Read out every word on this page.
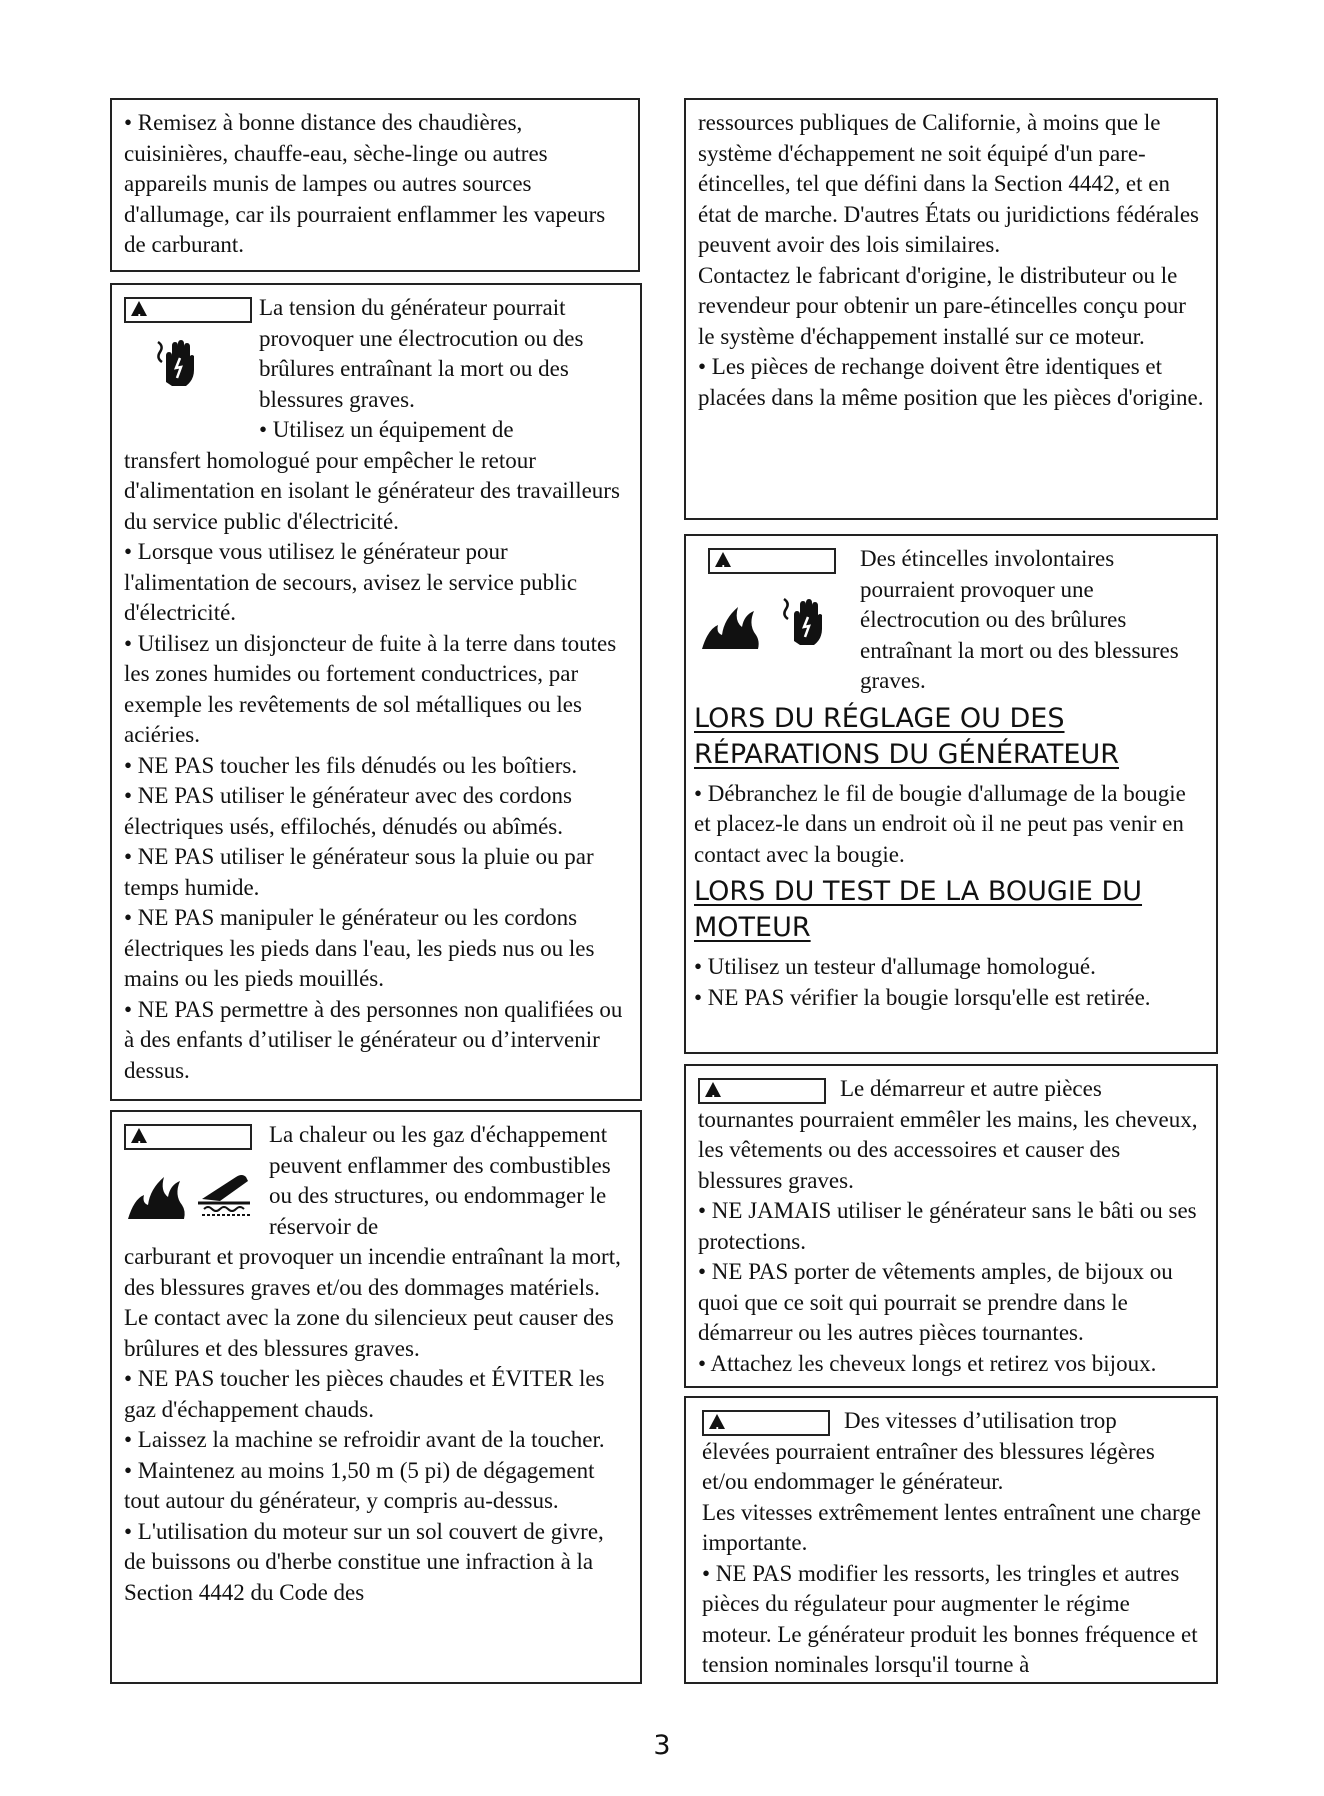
• Remisez à bonne distance des chaudières, cuisinières, chauffe-eau, sèche-linge ou autres appareils munis de lampes ou autres sources d'allumage, car ils pourraient enflammer les vapeurs de carburant.

!

La tension du générateur pourrait provoquer une électrocution ou des brûlures entraînant la mort ou des blessures graves.

• Utilisez un équipement de

transfert homologué pour empêcher le retour d'alimentation en isolant le générateur des travailleurs du service public d'électricité.

• Lorsque vous utilisez le générateur pour l'alimentation de secours, avisez le service public d'électricité.

• Utilisez un disjoncteur de fuite à la terre dans toutes les zones humides ou fortement conductrices, par exemple les revêtements de sol métalliques ou les aciéries.

• NE PAS toucher les fils dénudés ou les boîtiers.

• NE PAS utiliser le générateur avec des cordons électriques usés, effilochés, dénudés ou abîmés.

• NE PAS utiliser le générateur sous la pluie ou par temps humide.

• NE PAS manipuler le générateur ou les cordons électriques les pieds dans l'eau, les pieds nus ou les mains ou les pieds mouillés.

• NE PAS permettre à des personnes non qualifiées ou à des enfants d’utiliser le générateur ou d’intervenir dessus.

!

La chaleur ou les gaz d'échappement peuvent enflammer des combustibles ou des structures, ou endommager le réservoir de

carburant et provoquer un incendie entraînant la mort, des blessures graves et/ou des dommages matériels. Le contact avec la zone du silencieux peut causer des brûlures et des blessures graves.

• NE PAS toucher les pièces chaudes et ÉVITER les gaz d'échappement chauds.

• Laissez la machine se refroidir avant de la toucher.

• Maintenez au moins 1,50 m (5 pi) de dégagement tout autour du générateur, y compris au-dessus.

• L'utilisation du moteur sur un sol couvert de givre, de buissons ou d'herbe constitue une infraction à la Section 4442 du Code des

ressources publiques de Californie, à moins que le système d'échappement ne soit équipé d'un pare-étincelles, tel que défini dans la Section 4442, et en état de marche. D'autres États ou juridictions fédérales peuvent avoir des lois similaires.

Contactez le fabricant d'origine, le distributeur ou le revendeur pour obtenir un pare-étincelles conçu pour le système d'échappement installé sur ce moteur.

• Les pièces de rechange doivent être identiques et placées dans la même position que les pièces d'origine.

!

Des étincelles involontaires pourraient provoquer une électrocution ou des brûlures entraînant la mort ou des blessures graves.

LORS DU RÉGLAGE OU DES RÉPARATIONS DU GÉNÉRATEUR

• Débranchez le fil de bougie d'allumage de la bougie et placez-le dans un endroit où il ne peut pas venir en contact avec la bougie.

LORS DU TEST DE LA BOUGIE DU MOTEUR

• Utilisez un testeur d'allumage homologué.

• NE PAS vérifier la bougie lorsqu'elle est retirée.

!
Le démarreur et autre pièces

tournantes pourraient emmêler les mains, les cheveux, les vêtements ou des accessoires et causer des blessures graves.

• NE JAMAIS utiliser le générateur sans le bâti ou ses protections.

• NE PAS porter de vêtements amples, de bijoux ou quoi que ce soit qui pourrait se prendre dans le démarreur ou les autres pièces tournantes.

• Attachez les cheveux longs et retirez vos bijoux.

!
Des vitesses d’utilisation trop

élevées pourraient entraîner des blessures légères et/ou endommager le générateur.

Les vitesses extrêmement lentes entraînent une charge importante.

• NE PAS modifier les ressorts, les tringles et autres pièces du régulateur pour augmenter le régime moteur. Le générateur produit les bonnes fréquence et tension nominales lorsqu'il tourne à

3
